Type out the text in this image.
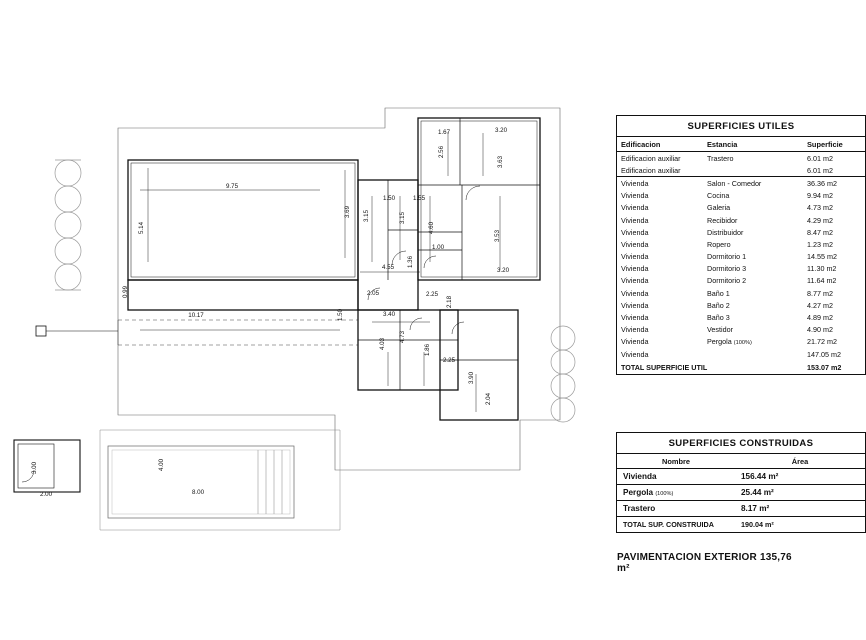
9.75
5.14
3.69 3.15
1.50	1.55
3.15
4.60
1.67	3.20
2.56
3.63
3.53
1.00
3.20
4.55 1.36
10.17	1.50
2.05
3.40
2.25
2.18
4.73
4.03	1.86
2.25
3.90
2.04
0.99
3.00
2.00
4.00
8.00
SUPERFICIES UTILES
Edificacion	Estancia	Superficie
Edificacion auxiliar	Trastero	6.01 m2
Edificacion auxiliar		6.01 m2
Vivienda	Salon - Comedor	36.36 m2
Vivienda	Cocina	9.94 m2
Vivienda	Galeria	4.73 m2
Vivienda	Recibidor	4.29 m2
Vivienda	Distribuidor	8.47 m2
Vivienda	Ropero	1.23 m2
Vivienda	Dormitorio 1	14.55 m2
Vivienda	Dormitorio 3	11.30 m2
Vivienda	Dormitorio 2	11.64 m2
Vivienda	Baño 1	8.77 m2
Vivienda	Baño 2	4.27 m2
Vivienda	Baño 3	4.89 m2
Vivienda	Vestidor	4.90 m2
Vivienda	Pergola (100%)	21.72 m2
Vivienda		147.05 m2
TOTAL SUPERFICIE UTIL		153.07 m2
SUPERFICIES CONSTRUIDAS
Nombre	Área
Vivienda	156.44 m²
Pergola (100%)	25.44 m²
Trastero	8.17 m²
TOTAL SUP. CONSTRUIDA	190.04 m²
PAVIMENTACION EXTERIOR 135,76 m²
